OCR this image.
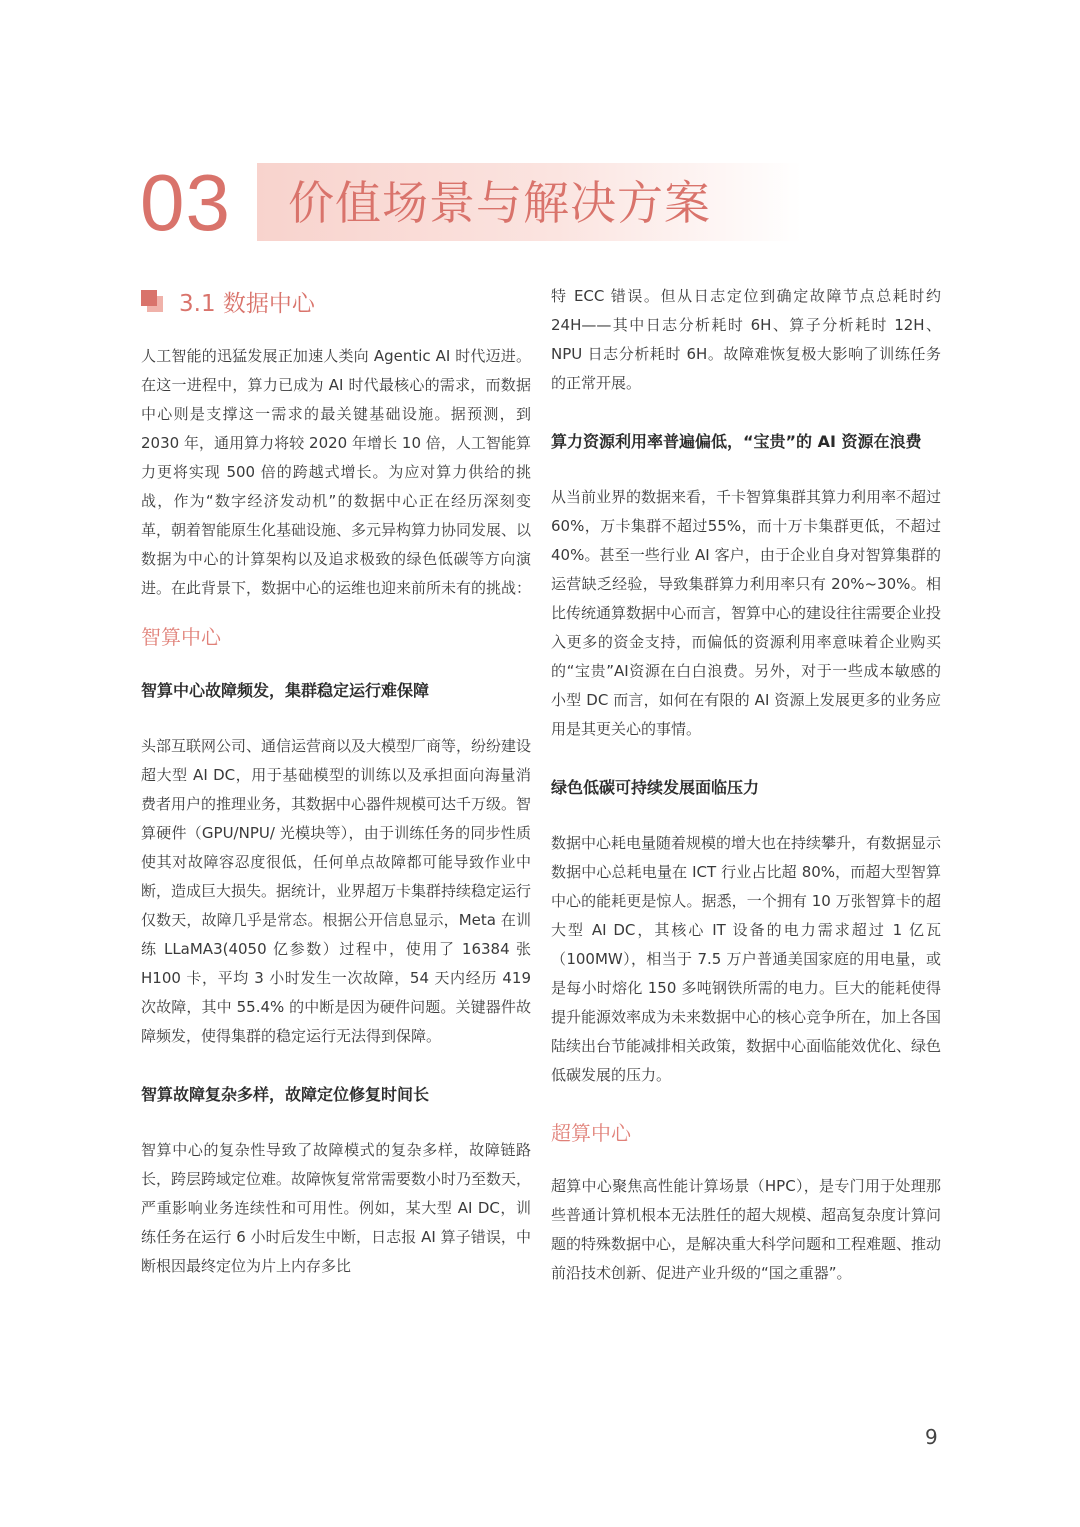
03 价值场景与解决方案
3.1 数据中心

人工智能的迅猛发展正加速人类向 Agentic AI 时代迈进。在这一进程中，算力已成为 AI 时代最核心的需求，而数据中心则是支撑这一需求的最关键基础设施。据预测，到 2030 年，通用算力将较 2020 年增长 10 倍，人工智能算力更将实现 500 倍的跨越式增长。为应对算力供给的挑战，作为“数字经济发动机”的数据中心正在经历深刻变革，朝着智能原生化基础设施、多元异构算力协同发展、以数据为中心的计算架构以及追求极致的绿色低碳等方向演进。在此背景下，数据中心的运维也迎来前所未有的挑战：

智算中心
智算中心故障频发，集群稳定运行难保障

头部互联网公司、通信运营商以及大模型厂商等，纷纷建设超大型 AI DC，用于基础模型的训练以及承担面向海量消费者用户的推理业务，其数据中心器件规模可达千万级。智算硬件（GPU/NPU/ 光模块等），由于训练任务的同步性质使其对故障容忍度很低，任何单点故障都可能导致作业中断，造成巨大损失。据统计，业界超万卡集群持续稳定运行仅数天，故障几乎是常态。根据公开信息显示，Meta 在训练 LLaMA3(4050 亿参数）过程中，使用了 16384 张 H100 卡，平均 3 小时发生一次故障，54 天内经历 419 次故障，其中 55.4% 的中断是因为硬件问题。关键器件故障频发，使得集群的稳定运行无法得到保障。

智算故障复杂多样，故障定位修复时间长

智算中心的复杂性导致了故障模式的复杂多样，故障链路长，跨层跨域定位难。故障恢复常常需要数小时乃至数天，严重影响业务连续性和可用性。例如，某大型 AI DC，训练任务在运行 6 小时后发生中断，日志报 AI 算子错误，中断根因最终定位为片上内存多比

特 ECC 错误。但从日志定位到确定故障节点总耗时约 24H——其中日志分析耗时 6H、算子分析耗时 12H、NPU 日志分析耗时 6H。故障难恢复极大影响了训练任务的正常开展。

算力资源利用率普遍偏低，“宝贵”的 AI 资源在浪费

从当前业界的数据来看，千卡智算集群其算力利用率不超过60%，万卡集群不超过55%，而十万卡集群更低，不超过 40%。甚至一些行业 AI 客户，由于企业自身对智算集群的运营缺乏经验，导致集群算力利用率只有 20%~30%。相比传统通算数据中心而言，智算中心的建设往往需要企业投入更多的资金支持，而偏低的资源利用率意味着企业购买的“宝贵”AI资源在白白浪费。另外，对于一些成本敏感的小型 DC 而言，如何在有限的 AI 资源上发展更多的业务应用是其更关心的事情。

绿色低碳可持续发展面临压力

数据中心耗电量随着规模的增大也在持续攀升，有数据显示数据中心总耗电量在 ICT 行业占比超 80%，而超大型智算中心的能耗更是惊人。据悉，一个拥有 10 万张智算卡的超大型 AI DC，其核心 IT 设备的电力需求超过 1 亿瓦（100MW），相当于 7.5 万户普通美国家庭的用电量，或是每小时熔化 150 多吨钢铁所需的电力。巨大的能耗使得提升能源效率成为未来数据中心的核心竞争所在，加上各国陆续出台节能减排相关政策，数据中心面临能效优化、绿色低碳发展的压力。

超算中心

超算中心聚焦高性能计算场景（HPC），是专门用于处理那些普通计算机根本无法胜任的超大规模、超高复杂度计算问题的特殊数据中心，是解决重大科学问题和工程难题、推动前沿技术创新、促进产业升级的“国之重器”。

9
